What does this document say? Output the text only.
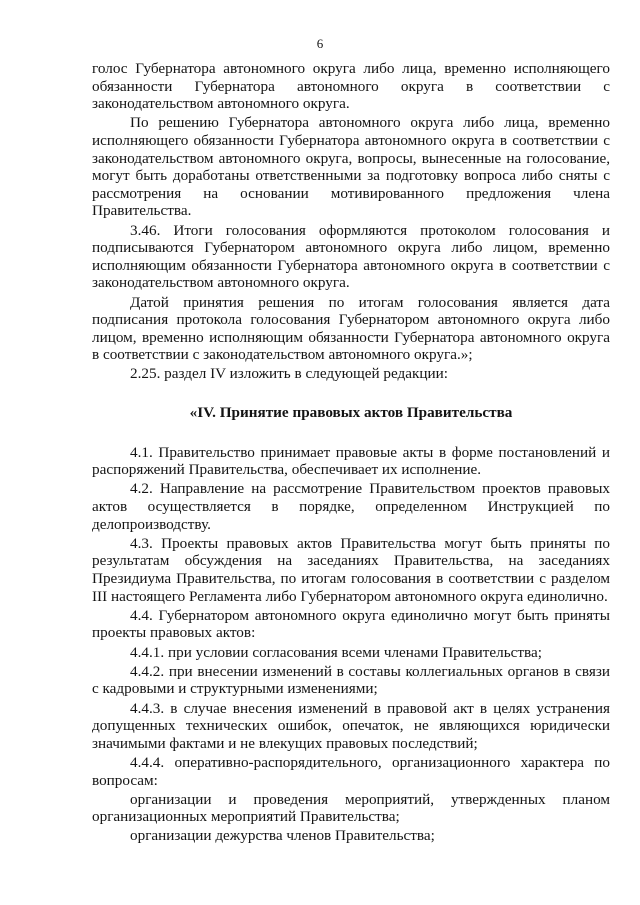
6

голос Губернатора автономного округа либо лица, временно исполняющего обязанности Губернатора автономного округа в соответствии с законодательством автономного округа.

По решению Губернатора автономного округа либо лица, временно исполняющего обязанности Губернатора автономного округа в соответствии с законодательством автономного округа, вопросы, вынесенные на голосование, могут быть доработаны ответственными за подготовку вопроса либо сняты с рассмотрения на основании мотивированного предложения члена Правительства.

3.46. Итоги голосования оформляются протоколом голосования и подписываются Губернатором автономного округа либо лицом, временно исполняющим обязанности Губернатора автономного округа в соответствии с законодательством автономного округа.

Датой принятия решения по итогам голосования является дата подписания протокола голосования Губернатором автономного округа либо лицом, временно исполняющим обязанности Губернатора автономного округа в соответствии с законодательством автономного округа.»;

2.25. раздел IV изложить в следующей редакции:

«IV. Принятие правовых актов Правительства

4.1. Правительство принимает правовые акты в форме постановлений и распоряжений Правительства, обеспечивает их исполнение.

4.2. Направление на рассмотрение Правительством проектов правовых актов осуществляется в порядке, определенном Инструкцией по делопроизводству.

4.3. Проекты правовых актов Правительства могут быть приняты по результатам обсуждения на заседаниях Правительства, на заседаниях Президиума Правительства, по итогам голосования в соответствии с разделом III настоящего Регламента либо Губернатором автономного округа единолично.

4.4. Губернатором автономного округа единолично могут быть приняты проекты правовых актов:

4.4.1. при условии согласования всеми членами Правительства;

4.4.2. при внесении изменений в составы коллегиальных органов в связи с кадровыми и структурными изменениями;

4.4.3. в случае внесения изменений в правовой акт в целях устранения допущенных технических ошибок, опечаток, не являющихся юридически значимыми фактами и не влекущих правовых последствий;

4.4.4. оперативно-распорядительного, организационного характера по вопросам:

организации и проведения мероприятий, утвержденных планом организационных мероприятий Правительства;

организации дежурства членов Правительства;
